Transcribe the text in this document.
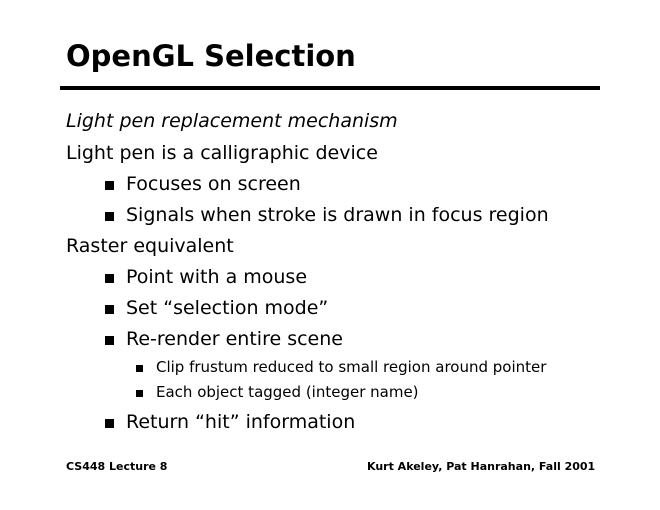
OpenGL Selection
Light pen replacement mechanism
Light pen is a calligraphic device
Focuses on screen
Signals when stroke is drawn in focus region
Raster equivalent
Point with a mouse
Set “selection mode”
Re-render entire scene
Clip frustum reduced to small region around pointer
Each object tagged (integer name)
Return “hit” information
CS448 Lecture 8	Kurt Akeley, Pat Hanrahan, Fall 2001
